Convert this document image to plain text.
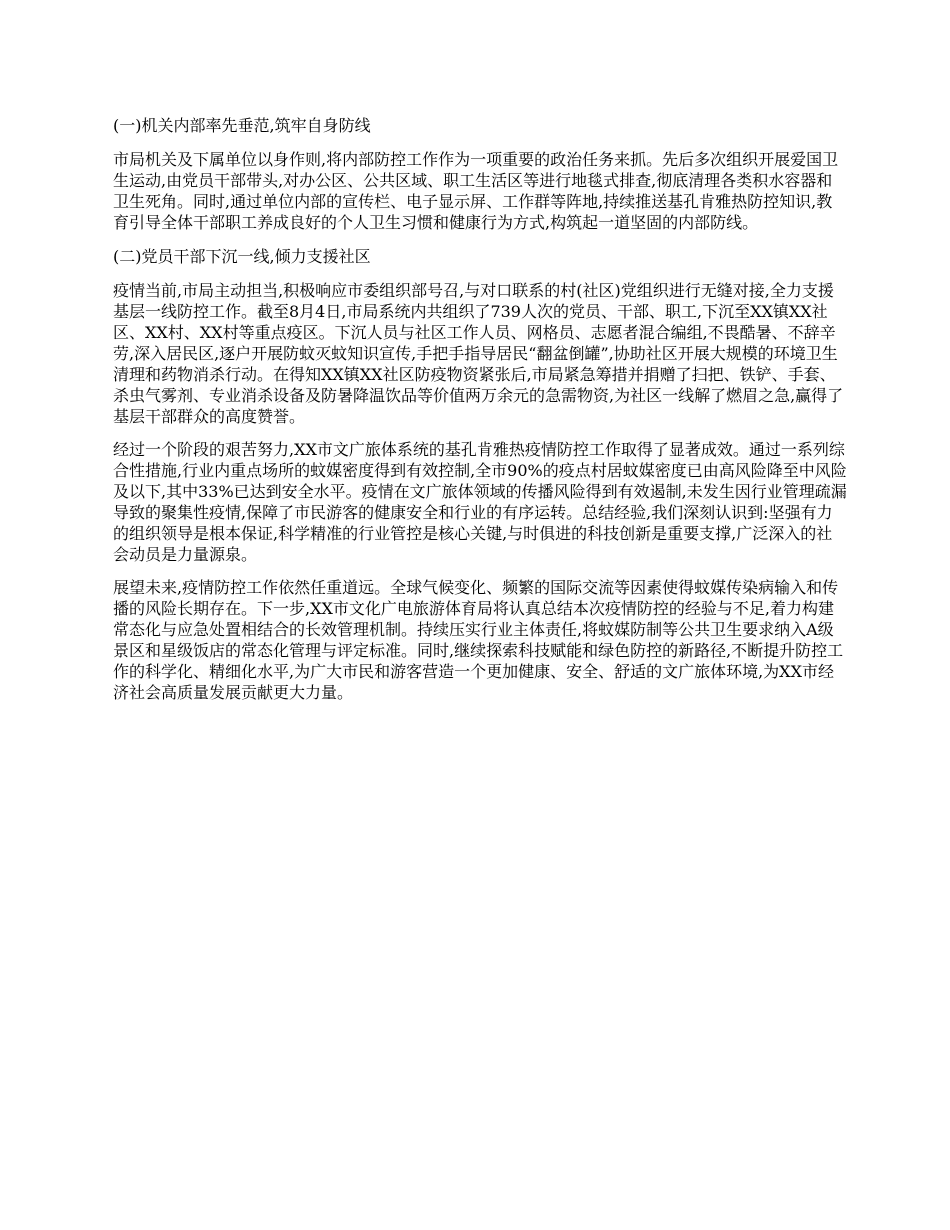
(一)机关内部率先垂范,筑牢自身防线

市局机关及下属单位以身作则,将内部防控工作作为一项重要的政治任务来抓。先后多次组织开展爱国卫生运动,由党员干部带头,对办公区、公共区域、职工生活区等进行地毯式排查,彻底清理各类积水容器和卫生死角。同时,通过单位内部的宣传栏、电子显示屏、工作群等阵地,持续推送基孔肯雅热防控知识,教育引导全体干部职工养成良好的个人卫生习惯和健康行为方式,构筑起一道坚固的内部防线。

(二)党员干部下沉一线,倾力支援社区

疫情当前,市局主动担当,积极响应市委组织部号召,与对口联系的村(社区)党组织进行无缝对接,全力支援基层一线防控工作。截至8月4日,市局系统内共组织了739人次的党员、干部、职工,下沉至XX镇XX社区、XX村、XX村等重点疫区。下沉人员与社区工作人员、网格员、志愿者混合编组,不畏酷暑、不辞辛劳,深入居民区,逐户开展防蚊灭蚊知识宣传,手把手指导居民“翻盆倒罐”,协助社区开展大规模的环境卫生清理和药物消杀行动。在得知XX镇XX社区防疫物资紧张后,市局紧急筹措并捐赠了扫把、铁铲、手套、杀虫气雾剂、专业消杀设备及防暑降温饮品等价值两万余元的急需物资,为社区一线解了燃眉之急,赢得了基层干部群众的高度赞誉。

经过一个阶段的艰苦努力,XX市文广旅体系统的基孔肯雅热疫情防控工作取得了显著成效。通过一系列综合性措施,行业内重点场所的蚊媒密度得到有效控制,全市90%的疫点村居蚊媒密度已由高风险降至中风险及以下,其中33%已达到安全水平。疫情在文广旅体领域的传播风险得到有效遏制,未发生因行业管理疏漏导致的聚集性疫情,保障了市民游客的健康安全和行业的有序运转。总结经验,我们深刻认识到:坚强有力的组织领导是根本保证,科学精准的行业管控是核心关键,与时俱进的科技创新是重要支撑,广泛深入的社会动员是力量源泉。

展望未来,疫情防控工作依然任重道远。全球气候变化、频繁的国际交流等因素使得蚊媒传染病输入和传播的风险长期存在。下一步,XX市文化广电旅游体育局将认真总结本次疫情防控的经验与不足,着力构建常态化与应急处置相结合的长效管理机制。持续压实行业主体责任,将蚊媒防制等公共卫生要求纳入A级景区和星级饭店的常态化管理与评定标准。同时,继续探索科技赋能和绿色防控的新路径,不断提升防控工作的科学化、精细化水平,为广大市民和游客营造一个更加健康、安全、舒适的文广旅体环境,为XX市经济社会高质量发展贡献更大力量。
